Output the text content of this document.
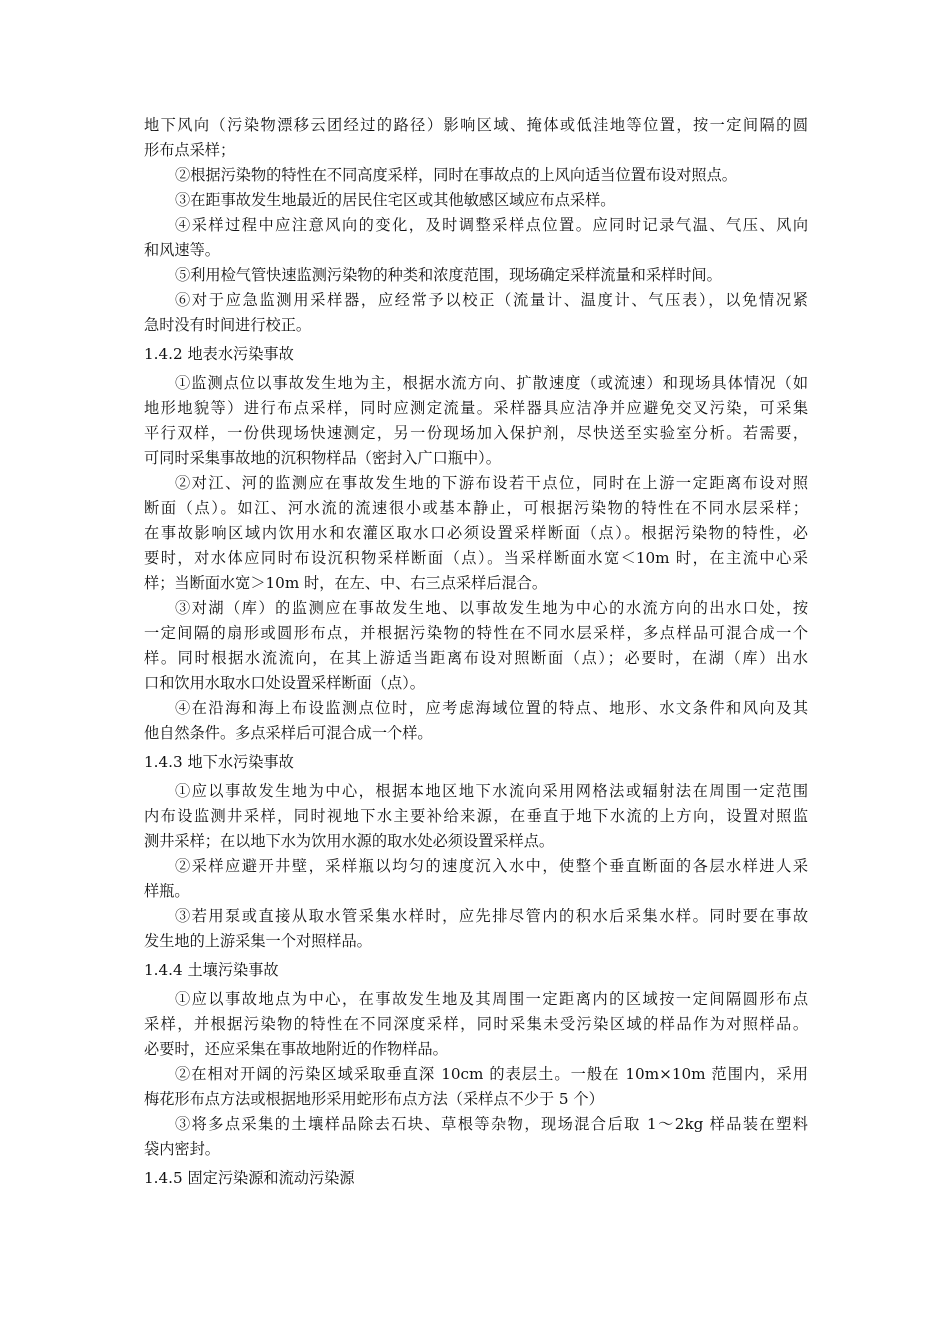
地下风向（污染物漂移云团经过的路径）影响区域、掩体或低洼地等位置，按一定间隔的圆
形布点采样；
②根据污染物的特性在不同高度采样，同时在事故点的上风向适当位置布设对照点。
③在距事故发生地最近的居民住宅区或其他敏感区域应布点采样。
④采样过程中应注意风向的变化，及时调整采样点位置。应同时记录气温、气压、风向
和风速等。
⑤利用检气管快速监测污染物的种类和浓度范围，现场确定采样流量和采样时间。
⑥对于应急监测用采样器，应经常予以校正（流量计、温度计、气压表），以免情况紧
急时没有时间进行校正。
1.4.2 地表水污染事故
①监测点位以事故发生地为主，根据水流方向、扩散速度（或流速）和现场具体情况（如
地形地貌等）进行布点采样，同时应测定流量。采样器具应洁净并应避免交叉污染，可采集
平行双样，一份供现场快速测定，另一份现场加入保护剂，尽快送至实验室分析。若需要，
可同时采集事故地的沉积物样品（密封入广口瓶中）。
②对江、河的监测应在事故发生地的下游布设若干点位，同时在上游一定距离布设对照
断面（点）。如江、河水流的流速很小或基本静止，可根据污染物的特性在不同水层采样；
在事故影响区域内饮用水和农灌区取水口必须设置采样断面（点）。根据污染物的特性，必
要时，对水体应同时布设沉积物采样断面（点）。当采样断面水宽＜10m 时，在主流中心采
样；当断面水宽＞10m 时，在左、中、右三点采样后混合。
③对湖（库）的监测应在事故发生地、以事故发生地为中心的水流方向的出水口处，按
一定间隔的扇形或圆形布点，并根据污染物的特性在不同水层采样，多点样品可混合成一个
样。同时根据水流流向，在其上游适当距离布设对照断面（点）；必要时，在湖（库）出水
口和饮用水取水口处设置采样断面（点）。
④在沿海和海上布设监测点位时，应考虑海域位置的特点、地形、水文条件和风向及其
他自然条件。多点采样后可混合成一个样。
1.4.3 地下水污染事故
①应以事故发生地为中心，根据本地区地下水流向采用网格法或辐射法在周围一定范围
内布设监测井采样，同时视地下水主要补给来源，在垂直于地下水流的上方向，设置对照监
测井采样；在以地下水为饮用水源的取水处必须设置采样点。
②采样应避开井壁，采样瓶以均匀的速度沉入水中，使整个垂直断面的各层水样进人采
样瓶。
③若用泵或直接从取水管采集水样时，应先排尽管内的积水后采集水样。同时要在事故
发生地的上游采集一个对照样品。
1.4.4 土壤污染事故
①应以事故地点为中心，在事故发生地及其周围一定距离内的区域按一定间隔圆形布点
采样，并根据污染物的特性在不同深度采样，同时采集未受污染区域的样品作为对照样品。
必要时，还应采集在事故地附近的作物样品。
②在相对开阔的污染区域采取垂直深 10cm 的表层土。一般在 10m×10m 范围内，采用
梅花形布点方法或根据地形采用蛇形布点方法（采样点不少于 5 个）
③将多点采集的土壤样品除去石块、草根等杂物，现场混合后取 1～2kg 样品装在塑料
袋内密封。
1.4.5 固定污染源和流动污染源
